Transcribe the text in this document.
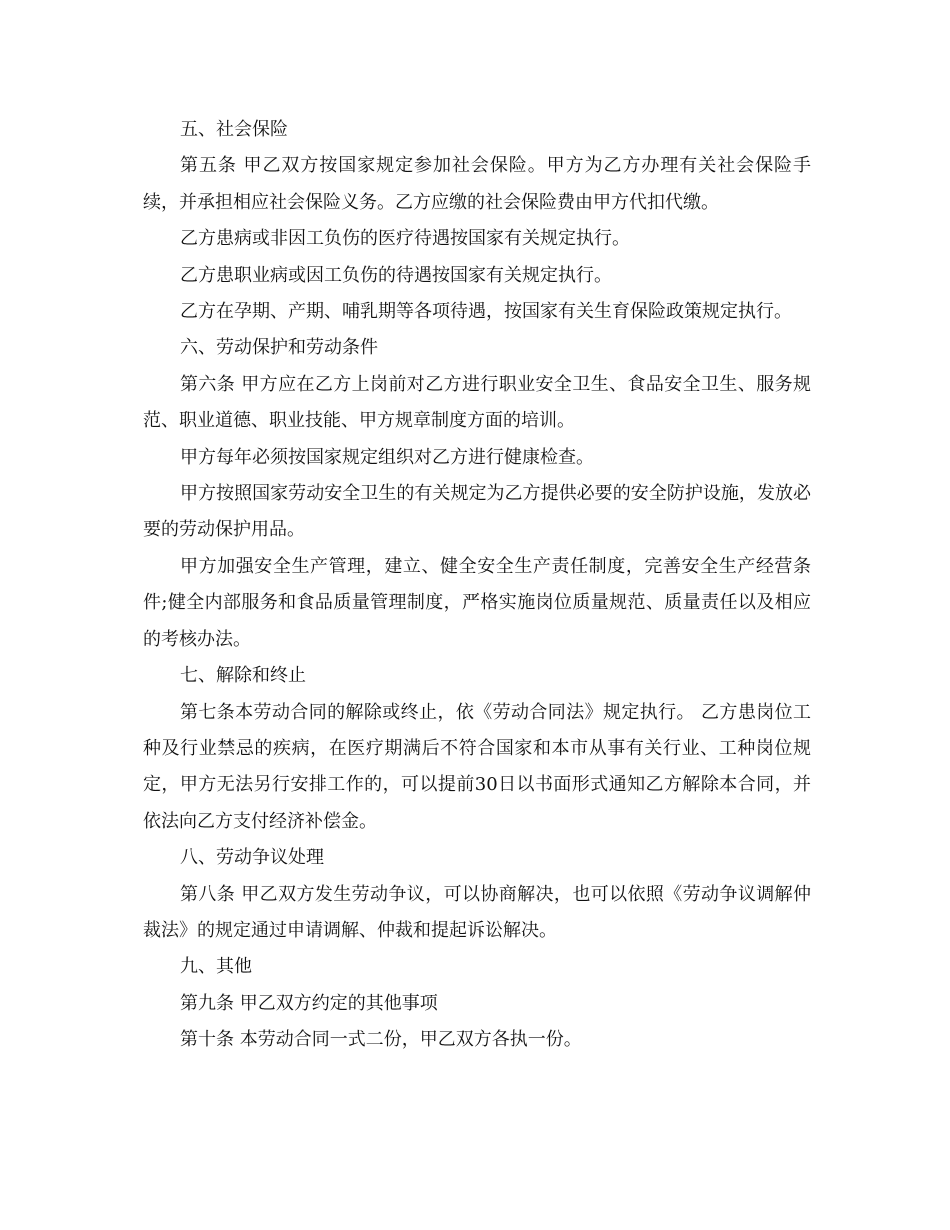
五、社会保险

第五条 甲乙双方按国家规定参加社会保险。甲方为乙方办理有关社会保险手续，并承担相应社会保险义务。乙方应缴的社会保险费由甲方代扣代缴。

乙方患病或非因工负伤的医疗待遇按国家有关规定执行。

乙方患职业病或因工负伤的待遇按国家有关规定执行。

乙方在孕期、产期、哺乳期等各项待遇，按国家有关生育保险政策规定执行。

六、劳动保护和劳动条件

第六条 甲方应在乙方上岗前对乙方进行职业安全卫生、食品安全卫生、服务规范、职业道德、职业技能、甲方规章制度方面的培训。

甲方每年必须按国家规定组织对乙方进行健康检查。

甲方按照国家劳动安全卫生的有关规定为乙方提供必要的安全防护设施，发放必要的劳动保护用品。

甲方加强安全生产管理，建立、健全安全生产责任制度，完善安全生产经营条件;健全内部服务和食品质量管理制度，严格实施岗位质量规范、质量责任以及相应的考核办法。

七、解除和终止

第七条本劳动合同的解除或终止，依《劳动合同法》规定执行。 乙方患岗位工种及行业禁忌的疾病，在医疗期满后不符合国家和本市从事有关行业、工种岗位规定，甲方无法另行安排工作的，可以提前30日以书面形式通知乙方解除本合同，并依法向乙方支付经济补偿金。

八、劳动争议处理

第八条 甲乙双方发生劳动争议，可以协商解决，也可以依照《劳动争议调解仲裁法》的规定通过申请调解、仲裁和提起诉讼解决。

九、其他

第九条 甲乙双方约定的其他事项

第十条 本劳动合同一式二份，甲乙双方各执一份。
